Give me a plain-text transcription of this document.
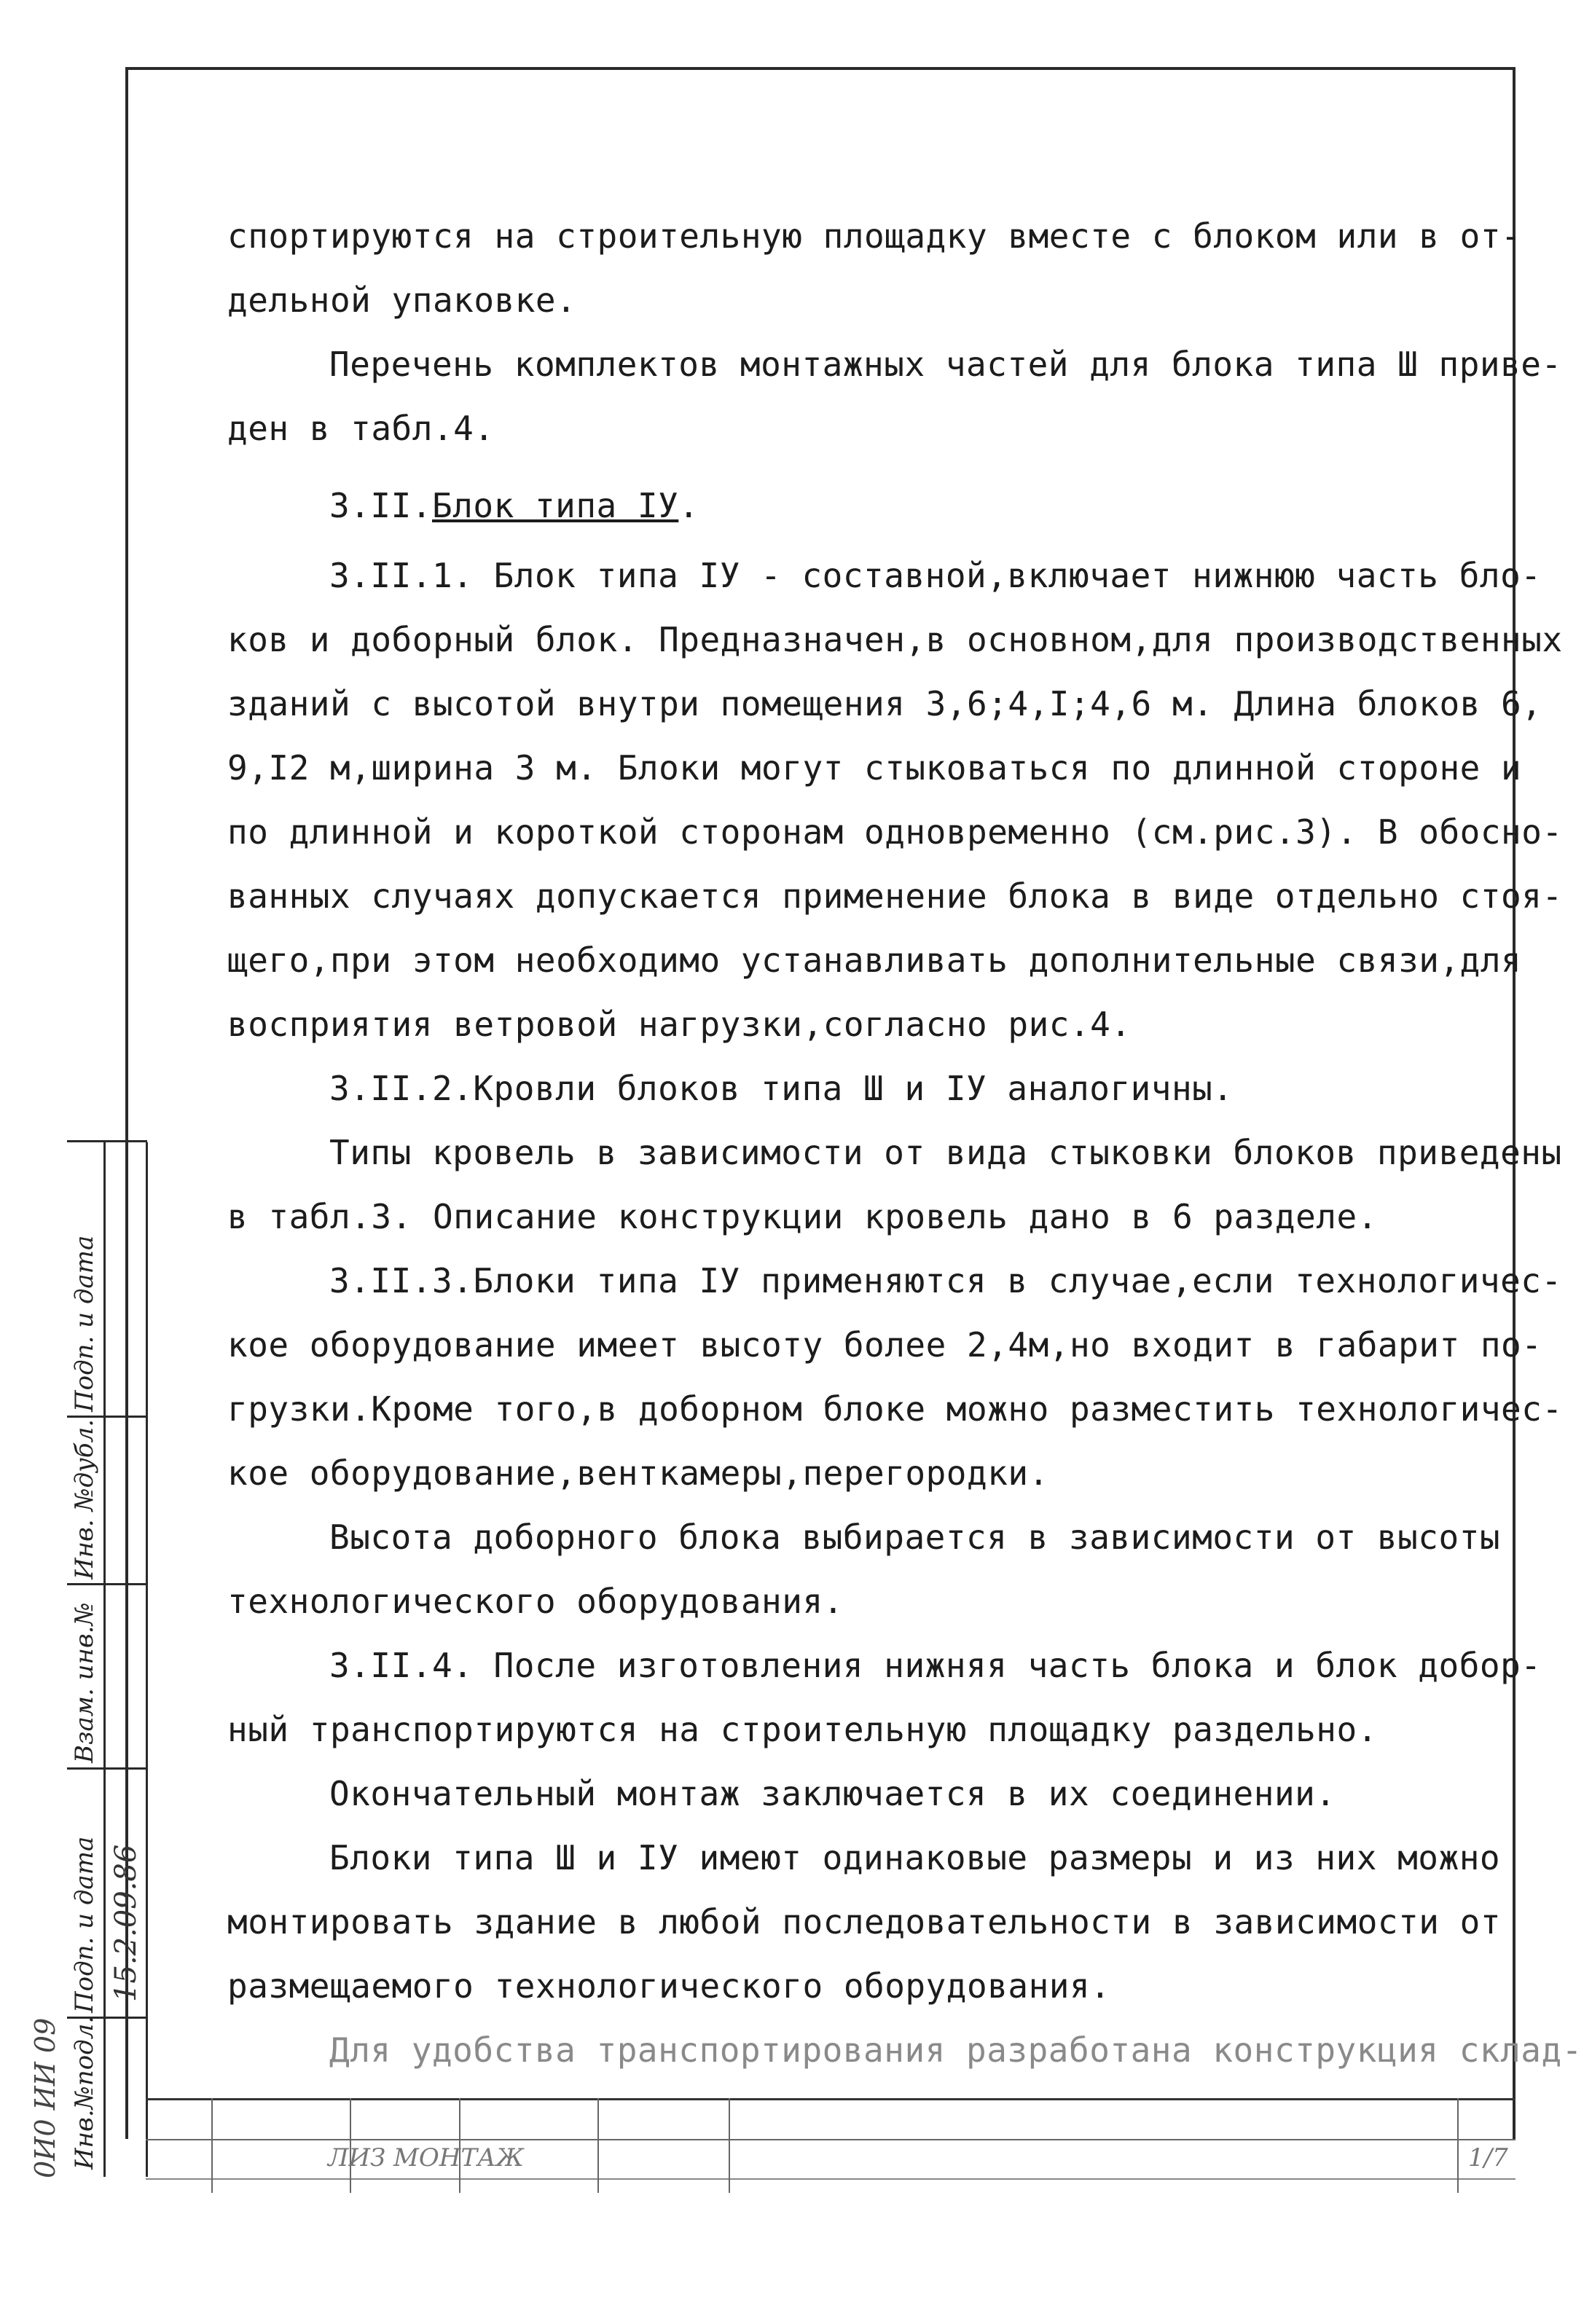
спортируются на строительную площадку вместе с блоком или в от-

дельной упаковке.

Перечень комплектов монтажных частей для блока типа Ш приве-

ден в табл.4.

3.II.Блок типа IУ.

3.II.1. Блок типа IУ - составной,включает нижнюю часть бло-

ков и доборный блок. Предназначен,в основном,для производственных

зданий с высотой внутри помещения 3,6;4,I;4,6 м. Длина блоков 6,

9,I2 м,ширина 3 м. Блоки могут стыковаться по длинной стороне и

по длинной и короткой сторонам одновременно (см.рис.3). В обосно-

ванных случаях допускается применение блока в виде отдельно стоя-

щего,при этом необходимо устанавливать дополнительные связи,для

восприятия ветровой нагрузки,согласно рис.4.

3.II.2.Кровли блоков типа Ш и IУ аналогичны.

Типы кровель в зависимости от вида стыковки блоков приведены

в табл.3. Описание конструкции кровель дано в 6 разделе.

3.II.3.Блоки типа IУ применяются в случае,если технологичес-

кое оборудование имеет высоту более 2,4м,но входит в габарит по-

грузки.Кроме того,в доборном блоке можно разместить технологичес-

кое оборудование,венткамеры,перегородки.

Высота доборного блока выбирается в зависимости от высоты

технологического оборудования.

3.II.4. После изготовления нижняя часть блока и блок добор-

ный транспортируются на строительную площадку раздельно.

Окончательный монтаж заключается в их соединении.

Блоки типа Ш и IУ имеют одинаковые размеры и из них можно

монтировать здание в любой последовательности в зависимости от

размещаемого технологического оборудования.

Для удобства транспортирования разработана конструкция склад-

Подп. и дата
Инв. №дубл.
Взам. инв.№
Подп. и дата
Инв.№подл.
15.2.09.86
0И0 ИИ 09	ЛИЗ МОНТАЖ	1/7
